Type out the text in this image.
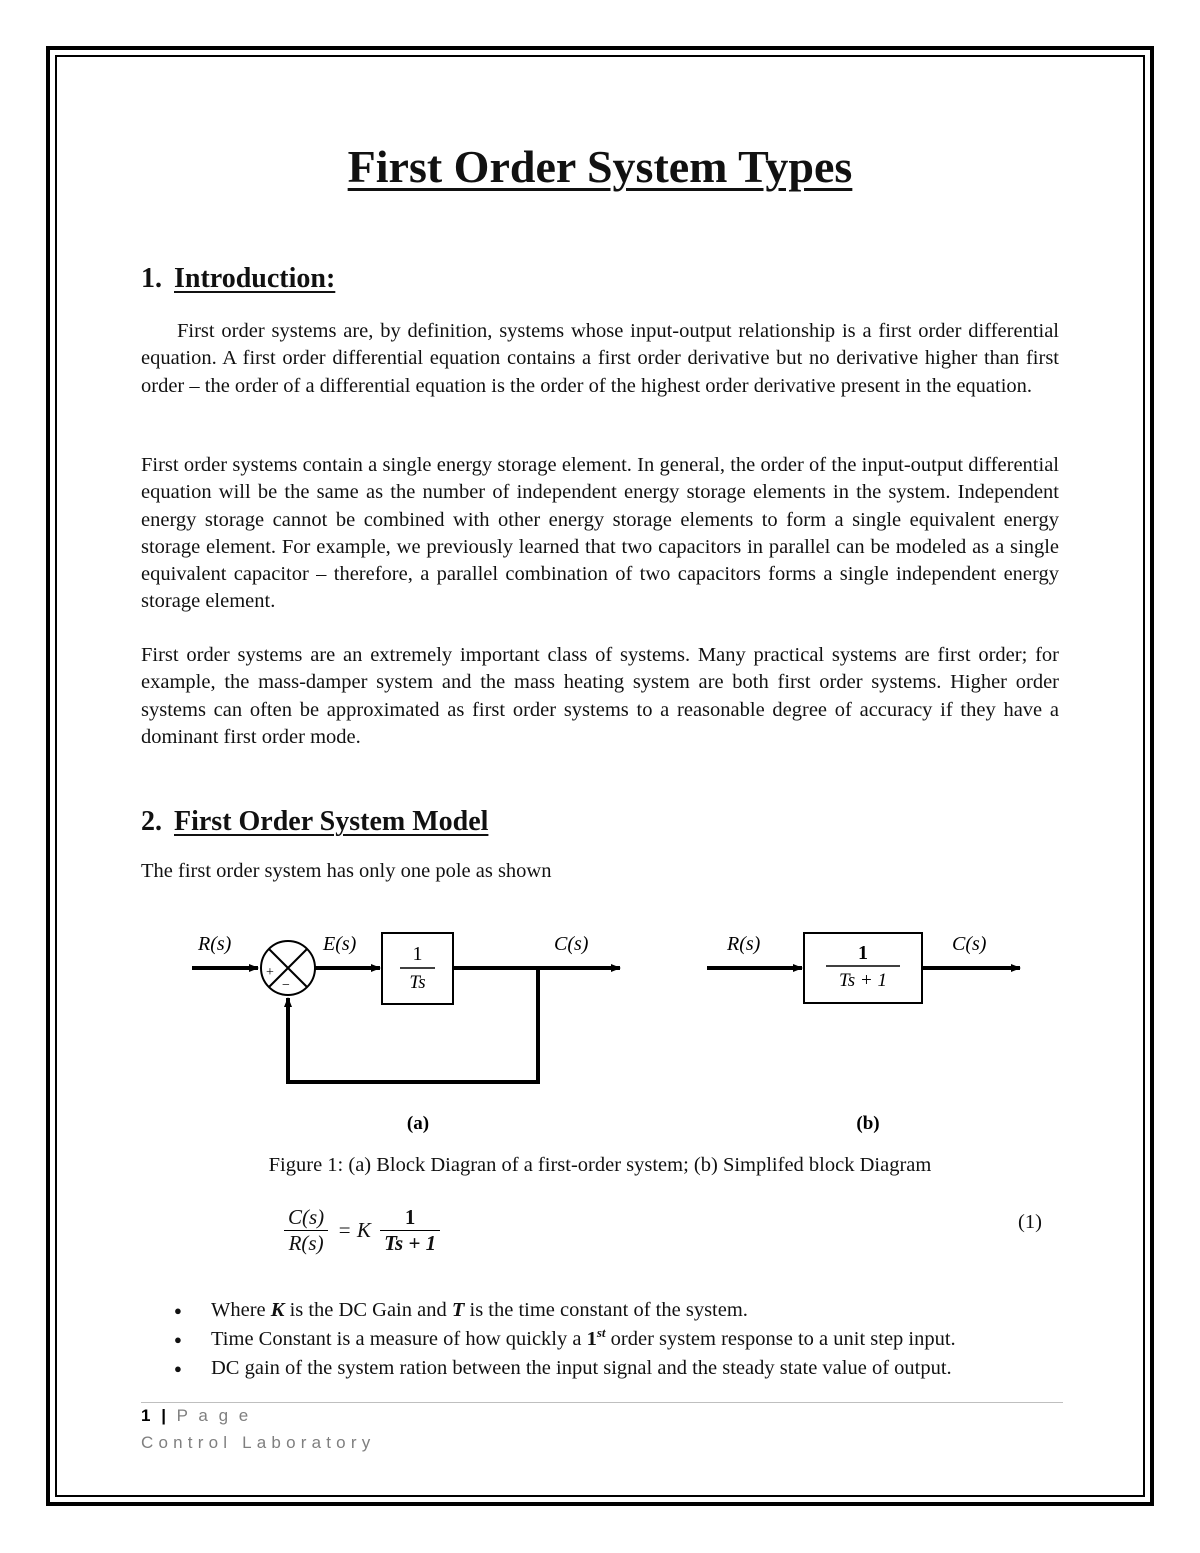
First Order System Types
1. Introduction:

First order systems are, by definition, systems whose input-output relationship is a first order differential equation. A first order differential equation contains a first order derivative but no derivative higher than first order – the order of a differential equation is the order of the highest order derivative present in the equation.

First order systems contain a single energy storage element. In general, the order of the input-output differential equation will be the same as the number of independent energy storage elements in the system. Independent energy storage cannot be combined with other energy storage elements to form a single equivalent energy storage element. For example, we previously learned that two capacitors in parallel can be modeled as a single equivalent capacitor – therefore, a parallel combination of two capacitors forms a single independent energy storage element.

First order systems are an extremely important class of systems. Many practical systems are first order; for example, the mass-damper system and the mass heating system are both first order systems. Higher order systems can often be approximated as first order systems to a reasonable degree of accuracy if they have a dominant first order mode.

2. First Order System Model

The first order system has only one pole as shown

+
−
1
Ts
R(s)	E(s)	C(s)
(a)
1
Ts + 1
R(s)	C(s)
(b)
Figure 1: (a) Block Diagran of a first-order system; (b) Simplifed block Diagram
$\frac{C(s)}{R(s)} = K \frac{1}{Ts + 1}$	(1)
● Where K is the DC Gain and T is the time constant of the system.
● Time Constant is a measure of how quickly a 1st order system response to a unit step input.
● DC gain of the system ration between the input signal and the steady state value of output.
1 | P a g e
Control Laboratory
